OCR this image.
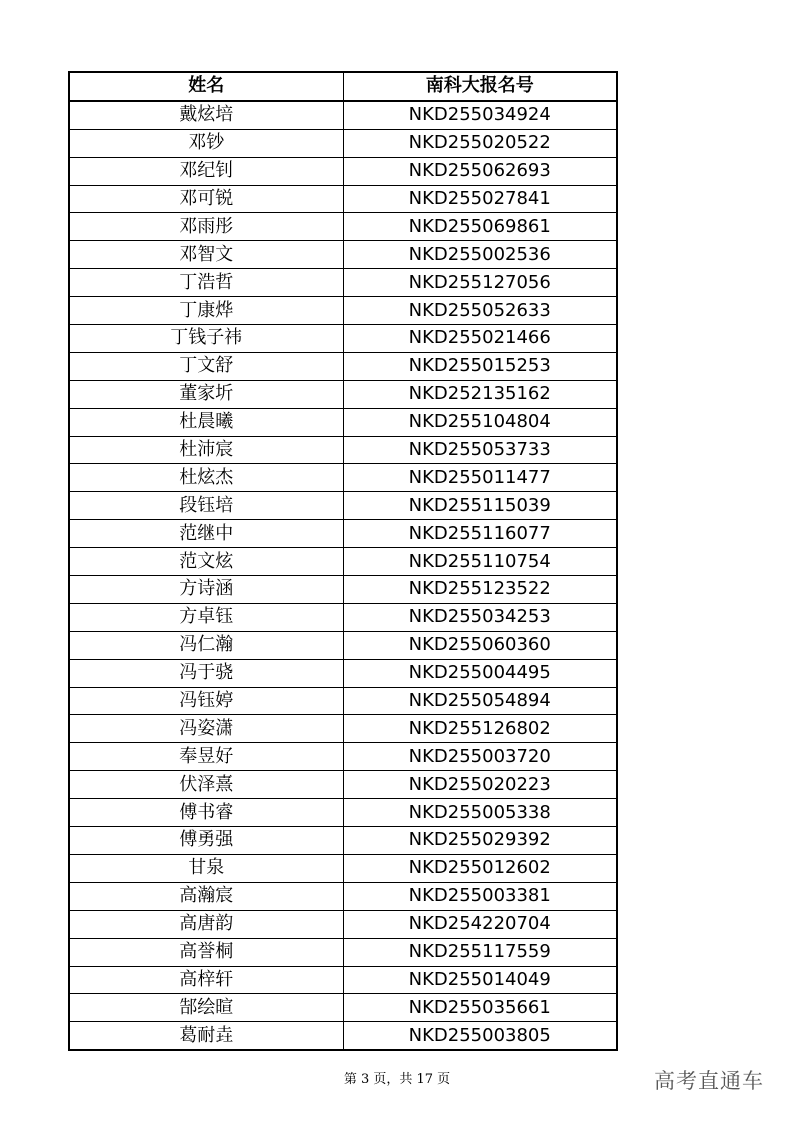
姓名	南科大报名号
戴炫培	NKD255034924
邓钞	NKD255020522
邓纪钊	NKD255062693
邓可锐	NKD255027841
邓雨彤	NKD255069861
邓智文	NKD255002536
丁浩哲	NKD255127056
丁康烨	NKD255052633
丁钱子祎	NKD255021466
丁文舒	NKD255015253
董家圻	NKD252135162
杜晨曦	NKD255104804
杜沛宸	NKD255053733
杜炫杰	NKD255011477
段钰培	NKD255115039
范继中	NKD255116077
范文炫	NKD255110754
方诗涵	NKD255123522
方卓钰	NKD255034253
冯仁瀚	NKD255060360
冯于骁	NKD255004495
冯钰婷	NKD255054894
冯姿潇	NKD255126802
奉昱好	NKD255003720
伏泽熹	NKD255020223
傅书睿	NKD255005338
傅勇强	NKD255029392
甘泉	NKD255012602
高瀚宸	NKD255003381
高唐韵	NKD254220704
高誉桐	NKD255117559
高梓轩	NKD255014049
郜绘暄	NKD255035661
葛耐垚	NKD255003805
第 3 页，共 17 页	高考直通车
